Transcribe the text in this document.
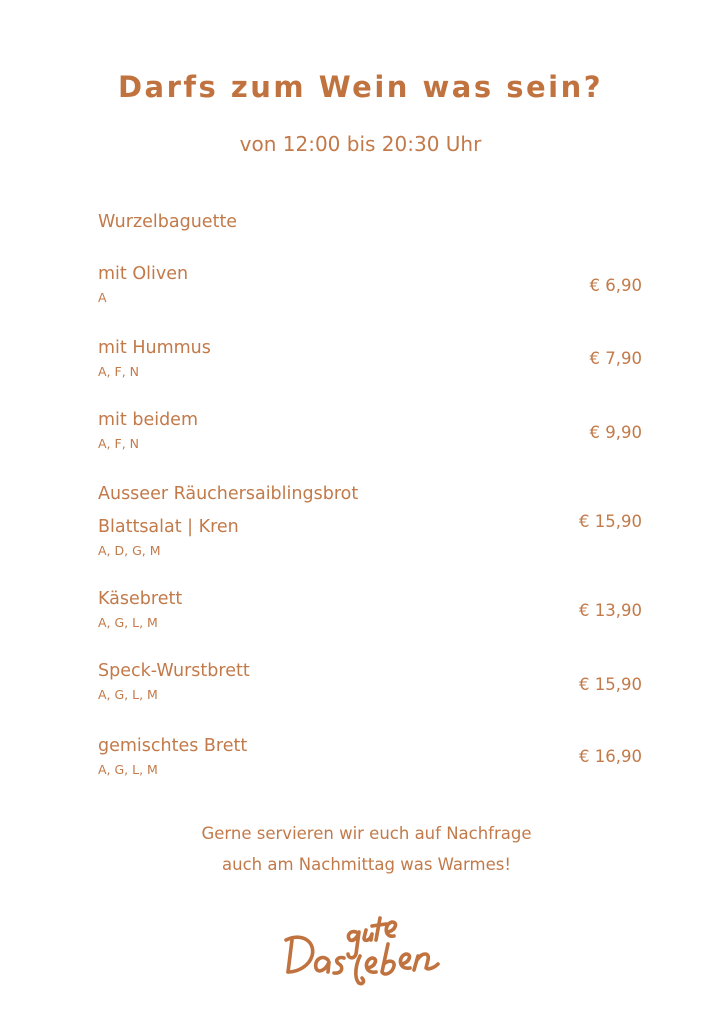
Darfs zum Wein was sein?
von 12:00 bis 20:30 Uhr
Wurzelbaguette
mit Oliven
A
€ 6,90
mit Hummus
A, F, N
€ 7,90
mit beidem
A, F, N
€ 9,90
Ausseer Räuchersaiblingsbrot
Blattsalat | Kren
A, D, G, M
€ 15,90
Käsebrett
A, G, L, M
€ 13,90
Speck-Wurstbrett
A, G, L, M
€ 15,90
gemischtes Brett
A, G, L, M
€ 16,90
Gerne servieren wir euch auf Nachfrage
auch am Nachmittag was Warmes!
